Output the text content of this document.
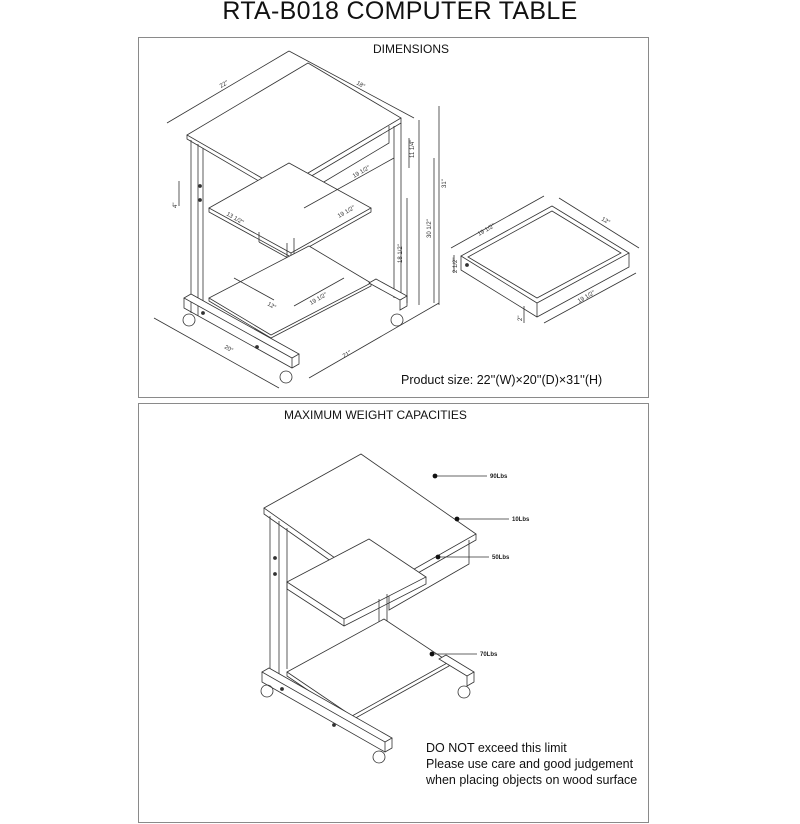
RTA-B018 COMPUTER TABLE
DIMENSIONS
22"	18"
11 1/4"
31"
30 1/2"
18 1/2"
19 1/2"
19 1/2"
13 1/2"
4"
12"	19 1/2"
20"
21"
19 1/2"
12"
2 1/2"
19 1/2"
2"
Product size: 22''(W)×20''(D)×31''(H)
MAXIMUM WEIGHT CAPACITIES
90Lbs
10Lbs
50Lbs
70Lbs
DO NOT exceed this limit
Please use care and good judgement
when placing objects on wood surface
